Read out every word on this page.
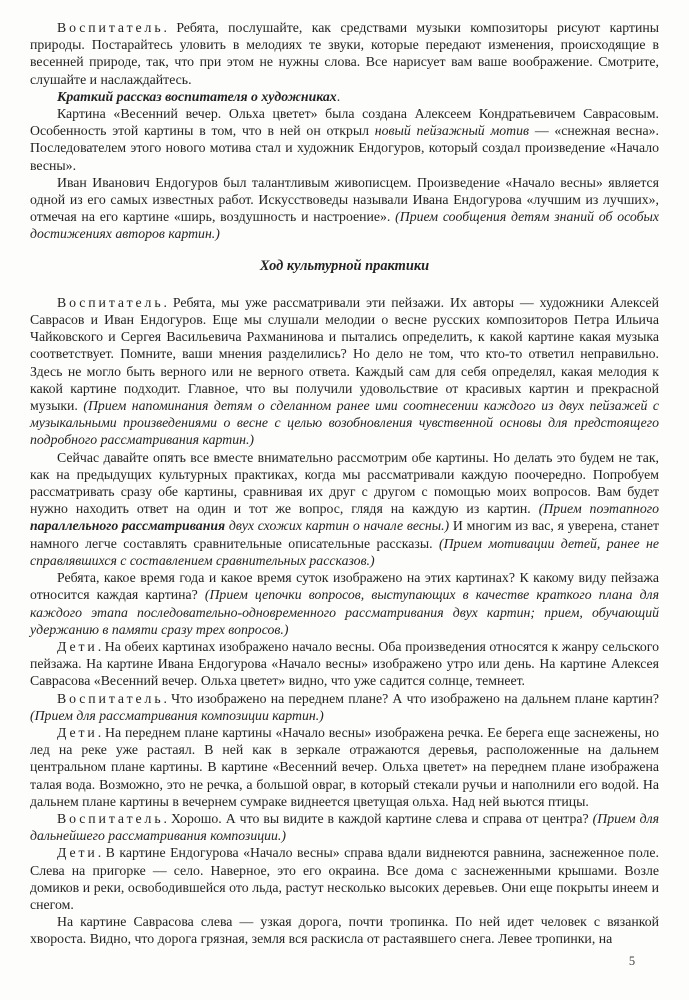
Воспитатель. Ребята, послушайте, как средствами музыки композиторы рисуют картины природы. Постарайтесь уловить в мелодиях те звуки, которые передают изменения, происходящие в весенней природе, так, что при этом не нужны слова. Все нарисует вам ваше воображение. Смотрите, слушайте и наслаждайтесь.

Краткий рассказ воспитателя о художниках.

Картина «Весенний вечер. Ольха цветет» была создана Алексеем Кондратьевичем Саврасовым. Особенность этой картины в том, что в ней он открыл новый пейзажный мотив — «снежная весна». Последователем этого нового мотива стал и художник Ендогуров, который создал произведение «Начало весны».

Иван Иванович Ендогуров был талантливым живописцем. Произведение «Начало весны» является одной из его самых известных работ. Искусствоведы называли Ивана Ендогурова «лучшим из лучших», отмечая на его картине «ширь, воздушность и настроение». (Прием сообщения детям знаний об особых достижениях авторов картин.)

Ход культурной практики

Воспитатель. Ребята, мы уже рассматривали эти пейзажи. Их авторы — художники Алексей Саврасов и Иван Ендогуров. Еще мы слушали мелодии о весне русских композиторов Петра Ильича Чайковского и Сергея Васильевича Рахманинова и пытались определить, к какой картине какая музыка соответствует. Помните, ваши мнения разделились? Но дело не том, что кто-то ответил неправильно. Здесь не могло быть верного или не верного ответа. Каждый сам для себя определял, какая мелодия к какой картине подходит. Главное, что вы получили удовольствие от красивых картин и прекрасной музыки. (Прием напоминания детям о сделанном ранее ими соотнесении каждого из двух пейзажей с музыкальными произведениями о весне с целью возобновления чувственной основы для предстоящего подробного рассматривания картин.)

Сейчас давайте опять все вместе внимательно рассмотрим обе картины. Но делать это будем не так, как на предыдущих культурных практиках, когда мы рассматривали каждую поочередно. Попробуем рассматривать сразу обе картины, сравнивая их друг с другом с помощью моих вопросов. Вам будет нужно находить ответ на один и тот же вопрос, глядя на каждую из картин. (Прием поэтапного параллельного рассматривания двух схожих картин о начале весны.) И многим из вас, я уверена, станет намного легче составлять сравнительные описательные рассказы. (Прием мотивации детей, ранее не справлявшихся с составлением сравнительных рассказов.)

Ребята, какое время года и какое время суток изображено на этих картинах? К какому виду пейзажа относится каждая картина? (Прием цепочки вопросов, выступающих в качестве краткого плана для каждого этапа последовательно-одновременного рассматривания двух картин; прием, обучающий удержанию в памяти сразу трех вопросов.)

Дети. На обеих картинах изображено начало весны. Оба произведения относятся к жанру сельского пейзажа. На картине Ивана Ендогурова «Начало весны» изображено утро или день. На картине Алексея Саврасова «Весенний вечер. Ольха цветет» видно, что уже садится солнце, темнеет.

Воспитатель. Что изображено на переднем плане? А что изображено на дальнем плане картин? (Прием для рассматривания композиции картин.)

Дети. На переднем плане картины «Начало весны» изображена речка. Ее берега еще заснежены, но лед на реке уже растаял. В ней как в зеркале отражаются деревья, расположенные на дальнем центральном плане картины. В картине «Весенний вечер. Ольха цветет» на переднем плане изображена талая вода. Возможно, это не речка, а большой овраг, в который стекали ручьи и наполнили его водой. На дальнем плане картины в вечернем сумраке виднеется цветущая ольха. Над ней вьются птицы.

Воспитатель. Хорошо. А что вы видите в каждой картине слева и справа от центра? (Прием для дальнейшего рассматривания композиции.)

Дети. В картине Ендогурова «Начало весны» справа вдали виднеются равнина, заснеженное поле. Слева на пригорке — село. Наверное, это его окраина. Все дома с заснеженными крышами. Возле домиков и реки, освободившейся ото льда, растут несколько высоких деревьев. Они еще покрыты инеем и снегом.

На картине Саврасова слева — узкая дорога, почти тропинка. По ней идет человек с вязанкой хвороста. Видно, что дорога грязная, земля вся раскисла от растаявшего снега. Левее тропинки, на

5
